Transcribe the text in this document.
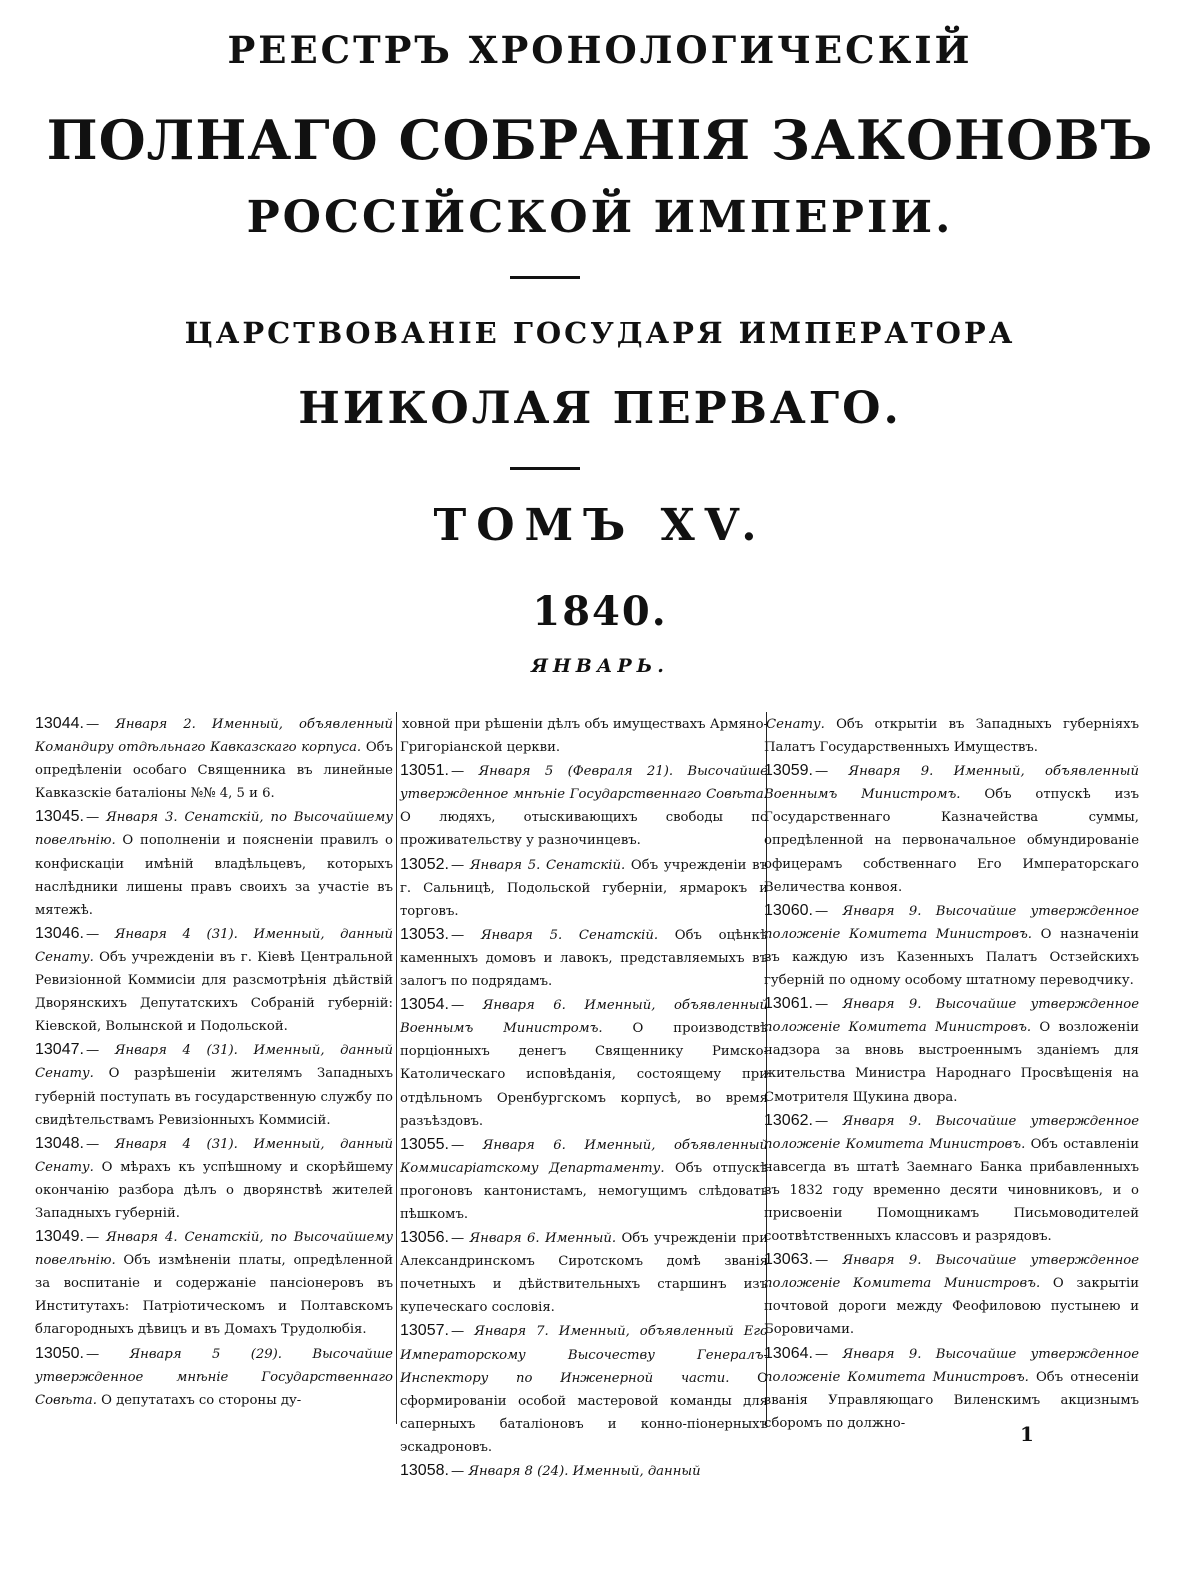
РЕЕСТРЪ ХРОНОЛОГИЧЕСКІЙ
ПОЛНАГО СОБРАНІЯ ЗАКОНОВЪ
РОССІЙСКОЙ ИМПЕРІИ.
ЦАРСТВОВАНІЕ ГОСУДАРЯ ИМПЕРАТОРА
НИКОЛАЯ ПЕРВАГО.
ТОМЪ XV.
1840.
ЯНВАРЬ.

13044. — Января 2. Именный, объявленный Командиру отдѣльнаго Кавказскаго корпуса. Объ опредѣленіи особаго Священника въ линейные Кавказскіе баталіоны №№ 4, 5 и 6.

13045. — Января 3. Сенатскій, по Высочайшему повелѣнію. О пополненіи и поясненіи правилъ о конфискаціи имѣній владѣльцевъ, которыхъ наслѣдники лишены правъ своихъ за участіе въ мятежѣ.

13046. — Января 4 (31). Именный, данный Сенату. Объ учрежденіи въ г. Кіевѣ Центральной Ревизіонной Коммисіи для разсмотрѣнія дѣйствій Дворянскихъ Депутатскихъ Собраній губерній: Кіевской, Волынской и Подольской.

13047. — Января 4 (31). Именный, данный Сенату. О разрѣшеніи жителямъ Западныхъ губерній поступать въ государственную службу по свидѣтельствамъ Ревизіонныхъ Коммисій.

13048. — Января 4 (31). Именный, данный Сенату. О мѣрахъ къ успѣшному и скорѣйшему окончанію разбора дѣлъ о дворянствѣ жителей Западныхъ губерній.

13049. — Января 4. Сенатскій, по Высочайшему повелѣнію. Объ измѣненіи платы, опредѣленной за воспитаніе и содержаніе пансіонеровъ въ Институтахъ: Патріотическомъ и Полтавскомъ благородныхъ дѣвицъ и въ Домахъ Трудолюбія.

13050. — Января 5 (29). Высочайше утвержденное мнѣніе Государственнаго Совѣта. О депутатахъ со стороны ду-

ховной при рѣшеніи дѣлъ объ имуществахъ Армяно-Григоріанской церкви.

13051. — Января 5 (Февраля 21). Высочайше утвержденное мнѣніе Государственнаго Совѣта. О людяхъ, отыскивающихъ свободы по проживательству у разночинцевъ.

13052. — Января 5. Сенатскій. Объ учрежденіи въ г. Сальницѣ, Подольской губерніи, ярмарокъ и торговъ.

13053. — Января 5. Сенатскій. Объ оцѣнкѣ каменныхъ домовъ и лавокъ, представляемыхъ въ залогъ по подрядамъ.

13054. — Января 6. Именный, объявленный Военнымъ Министромъ. О производствѣ порціонныхъ денегъ Священнику Римско-Католическаго исповѣданія, состоящему при отдѣльномъ Оренбургскомъ корпусѣ, во время разъѣздовъ.

13055. — Января 6. Именный, объявленный Коммисаріатскому Департаменту. Объ отпускѣ прогоновъ кантонистамъ, немогущимъ слѣдовать пѣшкомъ.

13056. — Января 6. Именный. Объ учрежденіи при Александринскомъ Сиротскомъ домѣ званія почетныхъ и дѣйствительныхъ старшинъ изъ купеческаго сословія.

13057. — Января 7. Именный, объявленный Его Императорскому Высочеству Генералъ-Инспектору по Инженерной части. О сформированіи особой мастеровой команды для саперныхъ баталіоновъ и конно-піонерныхъ эскадроновъ.

13058. — Января 8 (24). Именный, данный

Сенату. Объ открытіи въ Западныхъ губерніяхъ Палатъ Государственныхъ Имуществъ.

13059. — Января 9. Именный, объявленный Военнымъ Министромъ. Объ отпускѣ изъ Государственнаго Казначейства суммы, опредѣленной на первоначальное обмундированіе офицерамъ собственнаго Его Императорскаго Величества конвоя.

13060. — Января 9. Высочайше утвержденное положеніе Комитета Министровъ. О назначеніи въ каждую изъ Казенныхъ Палатъ Остзейскихъ губерній по одному особому штатному переводчику.

13061. — Января 9. Высочайше утвержденное положеніе Комитета Министровъ. О возложеніи надзора за вновь выстроеннымъ зданіемъ для жительства Министра Народнаго Просвѣщенія на Смотрителя Щукина двора.

13062. — Января 9. Высочайше утвержденное положеніе Комитета Министровъ. Объ оставленіи навсегда въ штатѣ Заемнаго Банка прибавленныхъ въ 1832 году временно десяти чиновниковъ, и о присвоеніи Помощникамъ Письмоводителей соотвѣтственныхъ классовъ и разрядовъ.

13063. — Января 9. Высочайше утвержденное положеніе Комитета Министровъ. О закрытіи почтовой дороги между Феофиловою пустынею и Боровичами.

13064. — Января 9. Высочайше утвержденное положеніе Комитета Министровъ. Объ отнесеніи званія Управляющаго Виленскимъ акцизнымъ сборомъ по должно-	1
